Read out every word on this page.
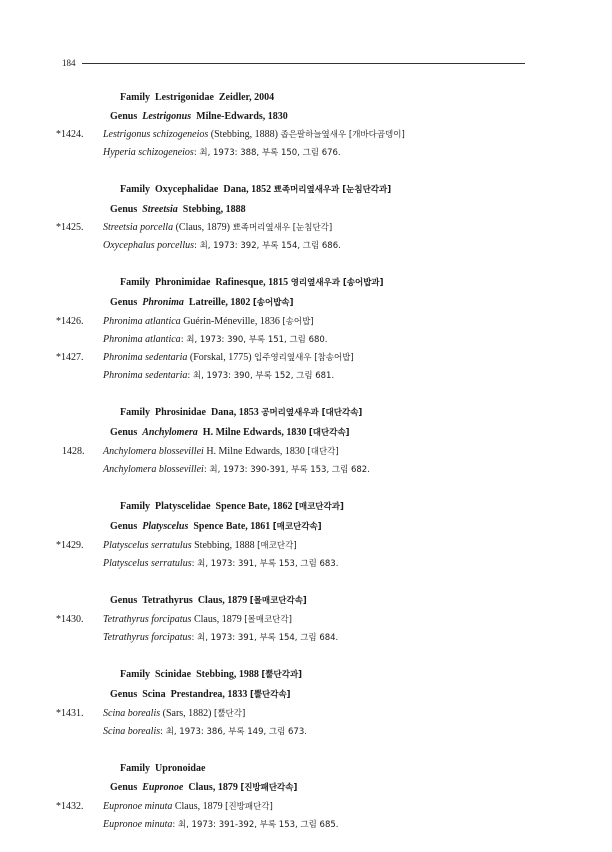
184
Family Lestrigonidae Zeidler, 2004
Genus Lestrigonus Milne-Edwards, 1830
*1424.	Lestrigonus schizogeneios (Stebbing, 1888) 좁은팔하늘옆새우 [개바다곱뎅이]
Hyperia schizogeneios: 최, 1973: 388, 부록 150, 그림 676.
Family Oxycephalidae Dana, 1852 뾰족머리옆새우과 [눈침단각과]
Genus Streetsia Stebbing, 1888
*1425.	Streetsia porcella (Claus, 1879) 뾰족머리옆새우 [눈침단각]
Oxycephalus porcellus: 최, 1973: 392, 부록 154, 그림 686.
Family Phronimidae Rafinesque, 1815 영리옆새우과 [송어밥과]
Genus Phronima Latreille, 1802 [송어밥속]
*1426.	Phronima atlantica Guérin-Méneville, 1836 [송어밥]
Phronima atlantica: 최, 1973: 390, 부록 151, 그림 680.
*1427.	Phronima sedentaria (Forskal, 1775) 입주영리옆새우 [참송어밥]
Phronima sedentaria: 최, 1973: 390, 부록 152, 그림 681.
Family Phrosinidae Dana, 1853 공머리옆새우과 [대단각속]
Genus Anchylomera H. Milne Edwards, 1830 [대단각속]
1428.	Anchylomera blossevillei H. Milne Edwards, 1830 [대단각]
Anchylomera blossevillei: 최, 1973: 390-391, 부록 153, 그림 682.
Family Platyscelidae Spence Bate, 1862 [매코단각과]
Genus Platyscelus Spence Bate, 1861 [매코단각속]
*1429.	Platyscelus serratulus Stebbing, 1888 [매코단각]
Platyscelus serratulus: 최, 1973: 391, 부록 153, 그림 683.
Genus Tetrathyrus Claus, 1879 [몰매코단각속]
*1430.	Tetrathyrus forcipatus Claus, 1879 [몰매코단각]
Tetrathyrus forcipatus: 최, 1973: 391, 부록 154, 그림 684.
Family Scinidae Stebbing, 1988 [뿔단각과]
Genus Scina Prestandrea, 1833 [뿔단각속]
*1431.	Scina borealis (Sars, 1882) [뿔단각]
Scina borealis: 최, 1973: 386, 부록 149, 그림 673.
Family Upronoidae
Genus Eupronoe Claus, 1879 [진방패단각속]
*1432.	Eupronoe minuta Claus, 1879 [진방패단각]
Eupronoe minuta: 최, 1973: 391-392, 부록 153, 그림 685.
